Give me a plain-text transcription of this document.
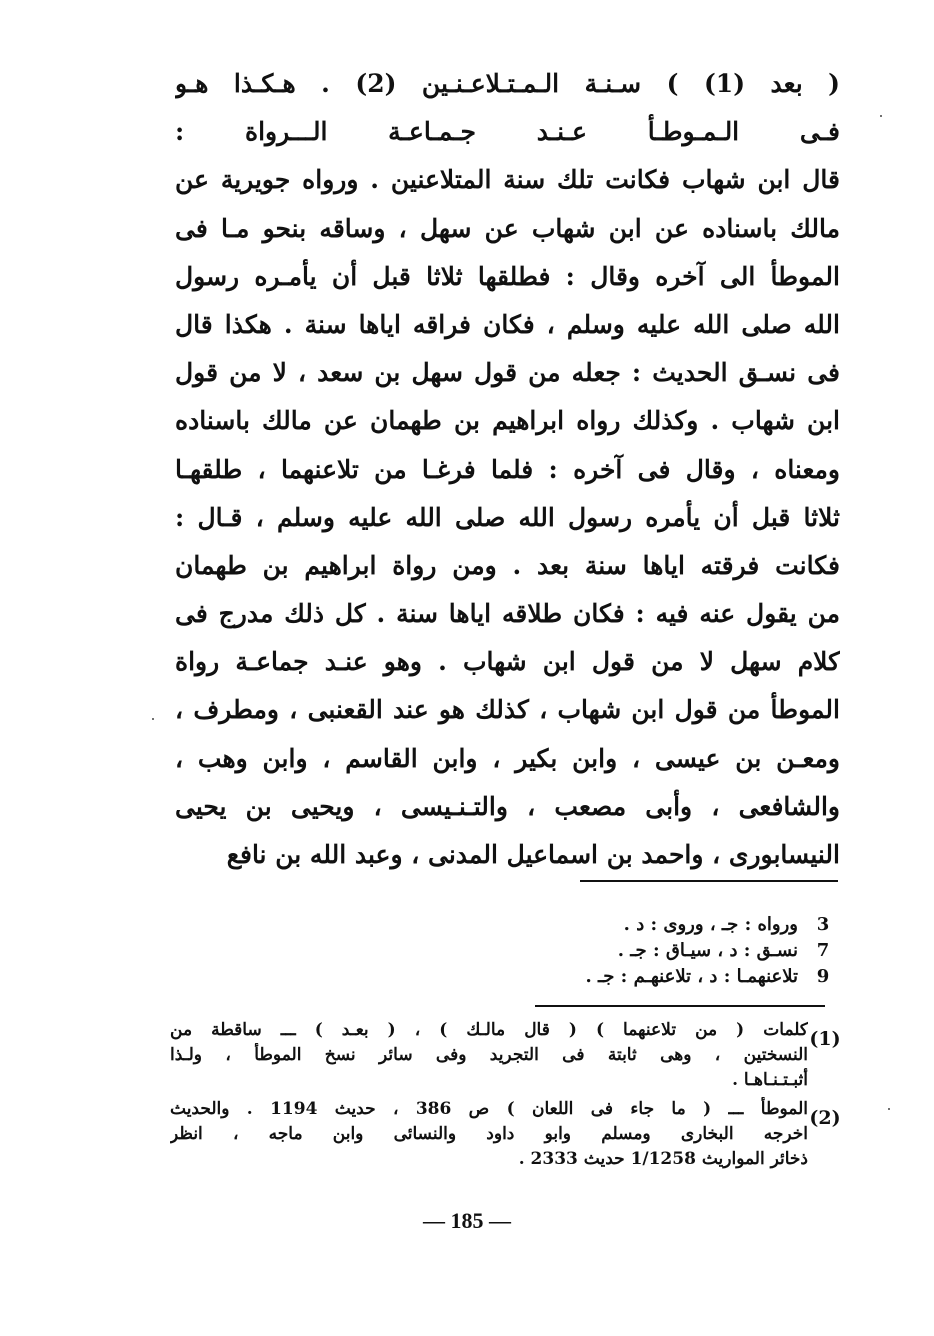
( بعد (1) ) سـنـة الـمـتـلاعـنـين (2) . هـكـذا هـو
فـى الـمـوطـأ عـنـد جـمـاعـة الـــرواة :
قال ابن شهاب فكانت تلك سنة المتلاعنين . ورواه جويرية عن
مالك باسناده عن ابن شهاب عن سهل ، وساقه بنحو مـا فى
الموطأ الى آخره وقال : فطلقها ثلاثا قبل أن يأمـره رسول
الله صلى الله عليه وسلم ، فكان فراقه اياها سنة . هكذا قال
فى نسـق الحديث : جعله من قول سهل بن سعد ، لا من قول
ابن شهاب . وكذلك رواه ابراهيم بن طهمان عن مالك باسناده
ومعناه ، وقال فى آخره : فلما فرغـا من تلاعنهما ، طلقهـا
ثلاثا قبل أن يأمره رسول الله صلى الله عليه وسلم ، قـال :
فكانت فرقته اياها سنة بعد . ومن رواة ابراهيم بن طهمان
من يقول عنه فيه : فكان طلاقه اياها سنة . كل ذلك مدرج فى
كلام سهل لا من قول ابن شهاب . وهو عنـد جماعـة رواة
الموطأ من قول ابن شهاب ، كذلك هو عند القعنبى ، ومطرف ،
ومعـن بن عيسى ، وابن بكير ، وابن القاسم ، وابن وهب ،
والشافعى ، وأبى مصعب ، والتـنـيسى ، ويحيى بن يحيى
النيسابورى ، واحمد بن اسماعيل المدنى ، وعبد الله بن نافع
3
ورواه : جـ ، وروى : د .
7
نسـق : د ، سيـاق : جـ .
9
تلاعنهمـا : د ، تلاعنهـم : جـ .
(1)
كلمات ( من تلاعنهما ) ( قال مالـك ) ، ( بعـد ) ـــ ساقطة من
النسختين ، وهى ثابتة فى التجريد وفى سائر نسخ الموطأ ، ولـذا
أثبـتـنـاهـا .
(2)
الموطأ ـــ ( ما جاء فى اللعان ) ص 386 ، حديث 1194 . والحديث
اخرجه البخارى ومسلم وابو داود والنسائى وابن ماجه ، انظر
ذخائر المواريث 1/1258 حديث 2333 .
— 185 —
